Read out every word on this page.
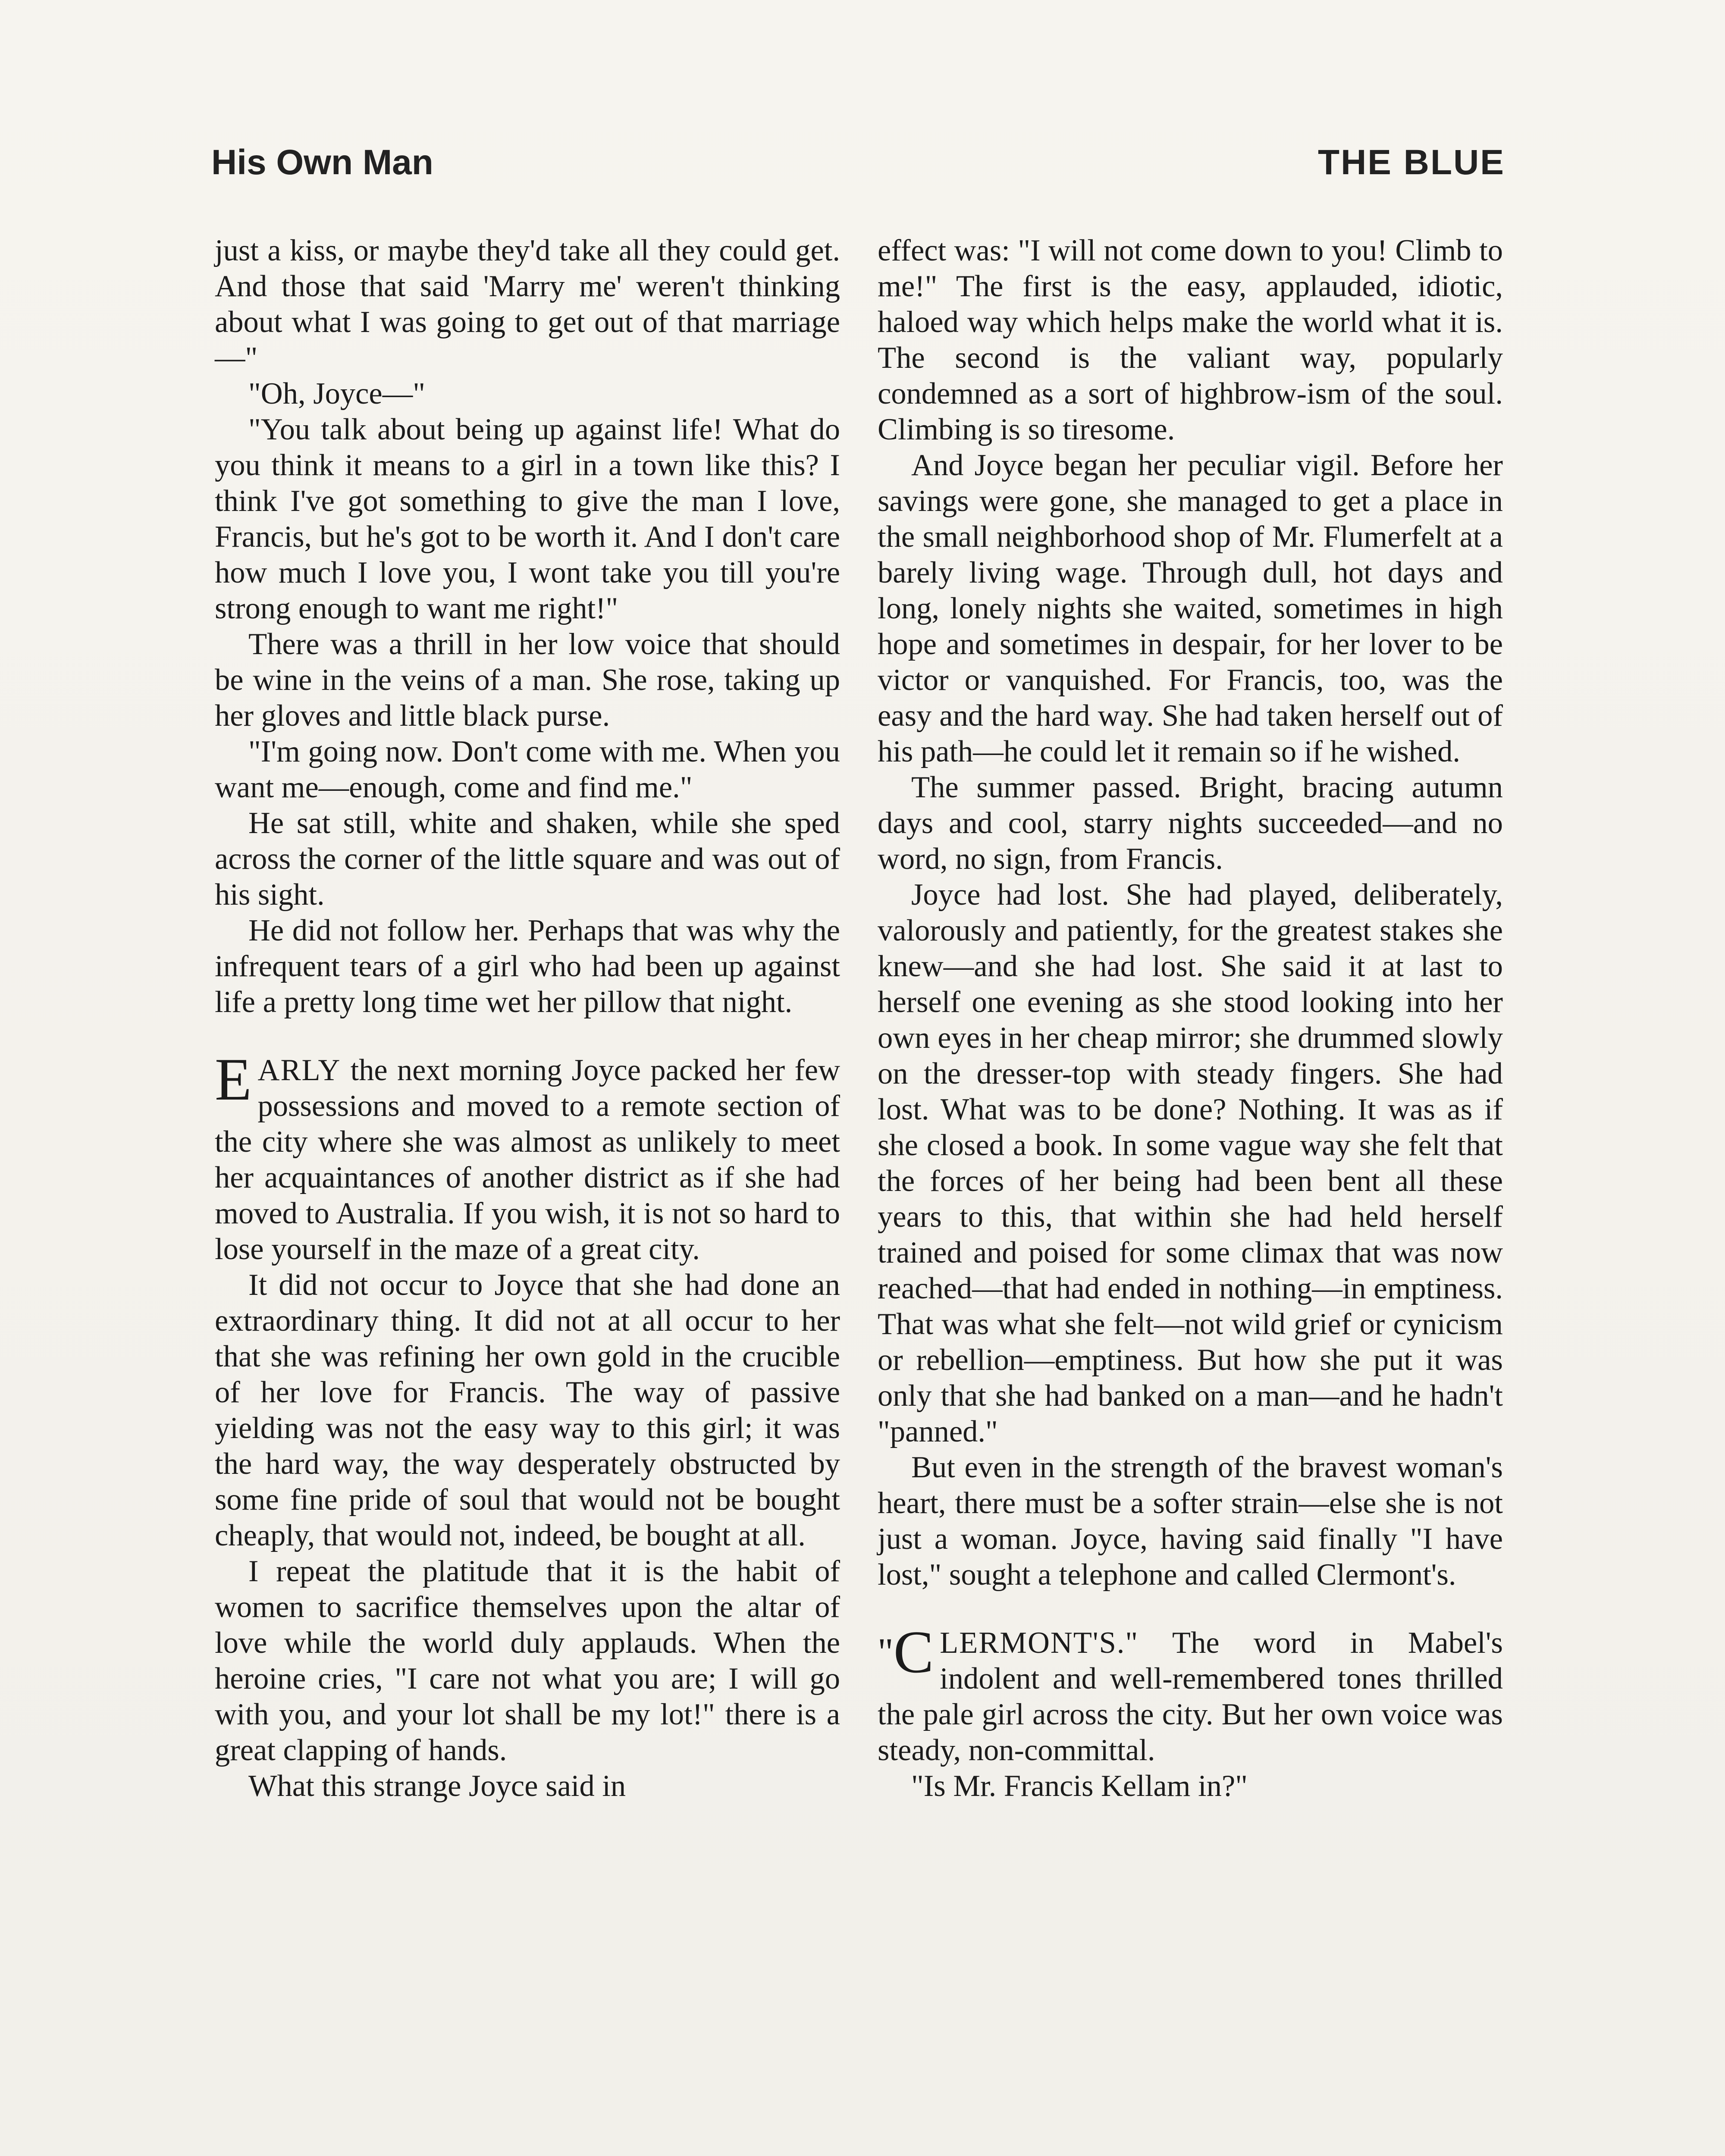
His Own Man	THE BLUE

just a kiss, or maybe they'd take all they could get. And those that said 'Marry me' weren't thinking about what I was going to get out of that marriage—"

"Oh, Joyce—"

"You talk about being up against life! What do you think it means to a girl in a town like this? I think I've got something to give the man I love, Francis, but he's got to be worth it. And I don't care how much I love you, I wont take you till you're strong enough to want me right!"

There was a thrill in her low voice that should be wine in the veins of a man. She rose, taking up her gloves and little black purse.

"I'm going now. Don't come with me. When you want me—enough, come and find me."

He sat still, white and shaken, while she sped across the corner of the little square and was out of his sight.

He did not follow her. Perhaps that was why the infrequent tears of a girl who had been up against life a pretty long time wet her pillow that night.

EARLY the next morning Joyce packed her few possessions and moved to a remote section of the city where she was almost as unlikely to meet her acquaintances of another district as if she had moved to Australia. If you wish, it is not so hard to lose yourself in the maze of a great city.

It did not occur to Joyce that she had done an extraordinary thing. It did not at all occur to her that she was refining her own gold in the crucible of her love for Francis. The way of passive yielding was not the easy way to this girl; it was the hard way, the way desperately obstructed by some fine pride of soul that would not be bought cheaply, that would not, indeed, be bought at all.

I repeat the platitude that it is the habit of women to sacrifice themselves upon the altar of love while the world duly applauds. When the heroine cries, "I care not what you are; I will go with you, and your lot shall be my lot!" there is a great clapping of hands.

What this strange Joyce said in

effect was: "I will not come down to you! Climb to me!" The first is the easy, applauded, idiotic, haloed way which helps make the world what it is. The second is the valiant way, popularly condemned as a sort of highbrow-ism of the soul. Climbing is so tiresome.

And Joyce began her peculiar vigil. Before her savings were gone, she managed to get a place in the small neighborhood shop of Mr. Flumerfelt at a barely living wage. Through dull, hot days and long, lonely nights she waited, sometimes in high hope and sometimes in despair, for her lover to be victor or vanquished. For Francis, too, was the easy and the hard way. She had taken herself out of his path—he could let it remain so if he wished.

The summer passed. Bright, bracing autumn days and cool, starry nights succeeded—and no word, no sign, from Francis.

Joyce had lost. She had played, deliberately, valorously and patiently, for the greatest stakes she knew—and she had lost. She said it at last to herself one evening as she stood looking into her own eyes in her cheap mirror; she drummed slowly on the dresser-top with steady fingers. She had lost. What was to be done? Nothing. It was as if she closed a book. In some vague way she felt that the forces of her being had been bent all these years to this, that within she had held herself trained and poised for some climax that was now reached—that had ended in nothing—in emptiness. That was what she felt—not wild grief or cynicism or rebellion—emptiness. But how she put it was only that she had banked on a man—and he hadn't "panned."

But even in the strength of the bravest woman's heart, there must be a softer strain—else she is not just a woman. Joyce, having said finally "I have lost," sought a telephone and called Clermont's.

" C LERMONT'S." The word in Mabel's indolent and well-remembered tones thrilled the pale girl across the city. But her own voice was steady, non-committal.

"Is Mr. Francis Kellam in?"
